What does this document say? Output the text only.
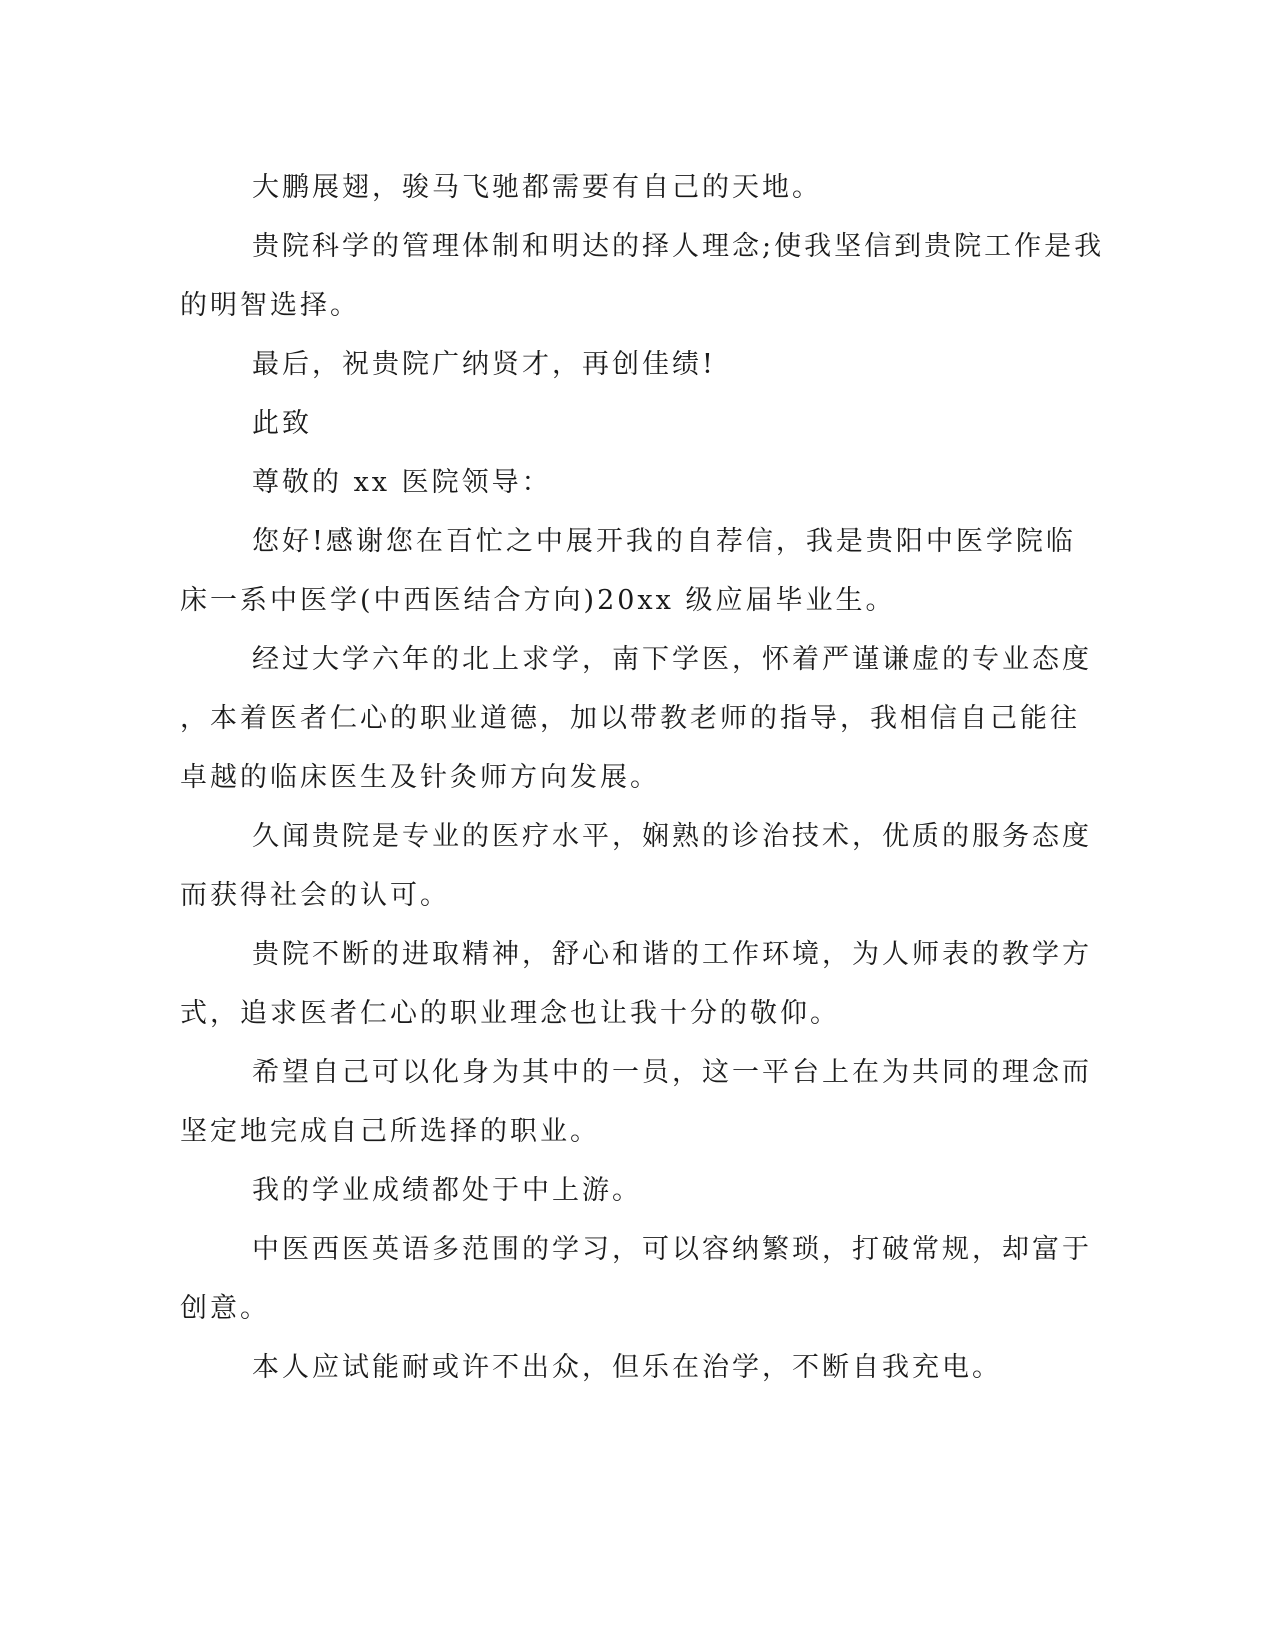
大鹏展翅，骏马飞驰都需要有自己的天地。
贵院科学的管理体制和明达的择人理念;使我坚信到贵院工作是我
的明智选择。
最后，祝贵院广纳贤才，再创佳绩!
此致
尊敬的 xx 医院领导：
您好!感谢您在百忙之中展开我的自荐信，我是贵阳中医学院临
床一系中医学(中西医结合方向)20xx 级应届毕业生。
经过大学六年的北上求学，南下学医，怀着严谨谦虚的专业态度
，本着医者仁心的职业道德，加以带教老师的指导，我相信自己能往
卓越的临床医生及针灸师方向发展。
久闻贵院是专业的医疗水平，娴熟的诊治技术，优质的服务态度
而获得社会的认可。
贵院不断的进取精神，舒心和谐的工作环境，为人师表的教学方
式，追求医者仁心的职业理念也让我十分的敬仰。
希望自己可以化身为其中的一员，这一平台上在为共同的理念而
坚定地完成自己所选择的职业。
我的学业成绩都处于中上游。
中医西医英语多范围的学习，可以容纳繁琐，打破常规，却富于
创意。
本人应试能耐或许不出众，但乐在治学，不断自我充电。
